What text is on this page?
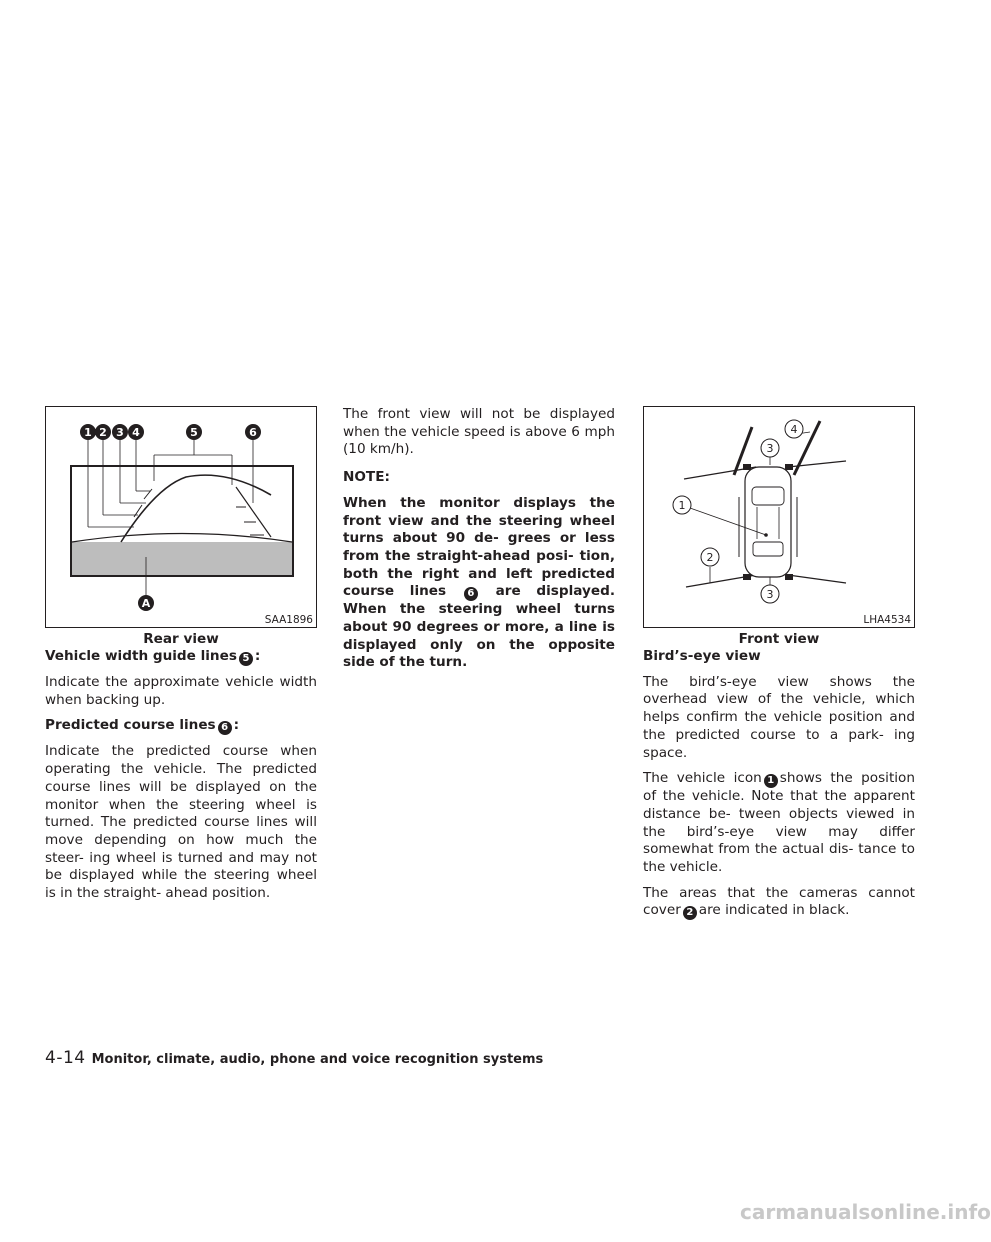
1 2 3 4	5	6
A
SAA1896
Rear view

Vehicle width guide lines 5 :

Indicate the approximate vehicle width when backing up.

Predicted course lines 6 :

Indicate the predicted course when operating the vehicle. The predicted course lines will be displayed on the monitor when the steering wheel is turned. The predicted course lines will move depending on how much the steer- ing wheel is turned and may not be displayed while the steering wheel is in the straight- ahead position.

The front view will not be displayed when the vehicle speed is above 6 mph (10 km/h).

NOTE:

When the monitor displays the front view and the steering wheel turns about 90 de- grees or less from the straight-ahead posi- tion, both the right and left predicted course lines 6 are displayed. When the steering wheel turns about 90 degrees or more, a line is displayed only on the opposite side of the turn.

1
2
3
3
4
LHA4534
Front view

Bird’s-eye view

The bird’s-eye view shows the overhead view of the vehicle, which helps confirm the vehicle position and the predicted course to a park- ing space.

The vehicle icon 1 shows the position of the vehicle. Note that the apparent distance be- tween objects viewed in the bird’s-eye view may differ somewhat from the actual dis- tance to the vehicle.

The areas that the cameras cannot cover 2 are indicated in black.

4-14 Monitor, climate, audio, phone and voice recognition systems
carmanualsonline.info
